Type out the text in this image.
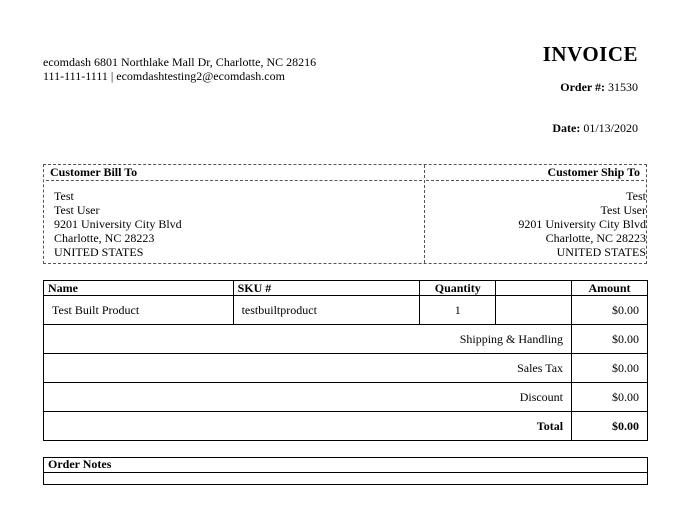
ecomdash 6801 Northlake Mall Dr, Charlotte, NC 28216
111-111-1111 | ecomdashtesting2@ecomdash.com
INVOICE
Order #: 31530
Date: 01/13/2020
Customer Bill To
Test
Test User
9201 University City Blvd
Charlotte, NC 28223
UNITED STATES
Customer Ship To
Test
Test User
9201 University City Blvd
Charlotte, NC 28223
UNITED STATES
Name	SKU #	Quantity		Amount
Test Built Product	testbuiltproduct	1		$0.00
Shipping & Handling				$0.00
Sales Tax				$0.00
Discount				$0.00
Total				$0.00
Order Notes
